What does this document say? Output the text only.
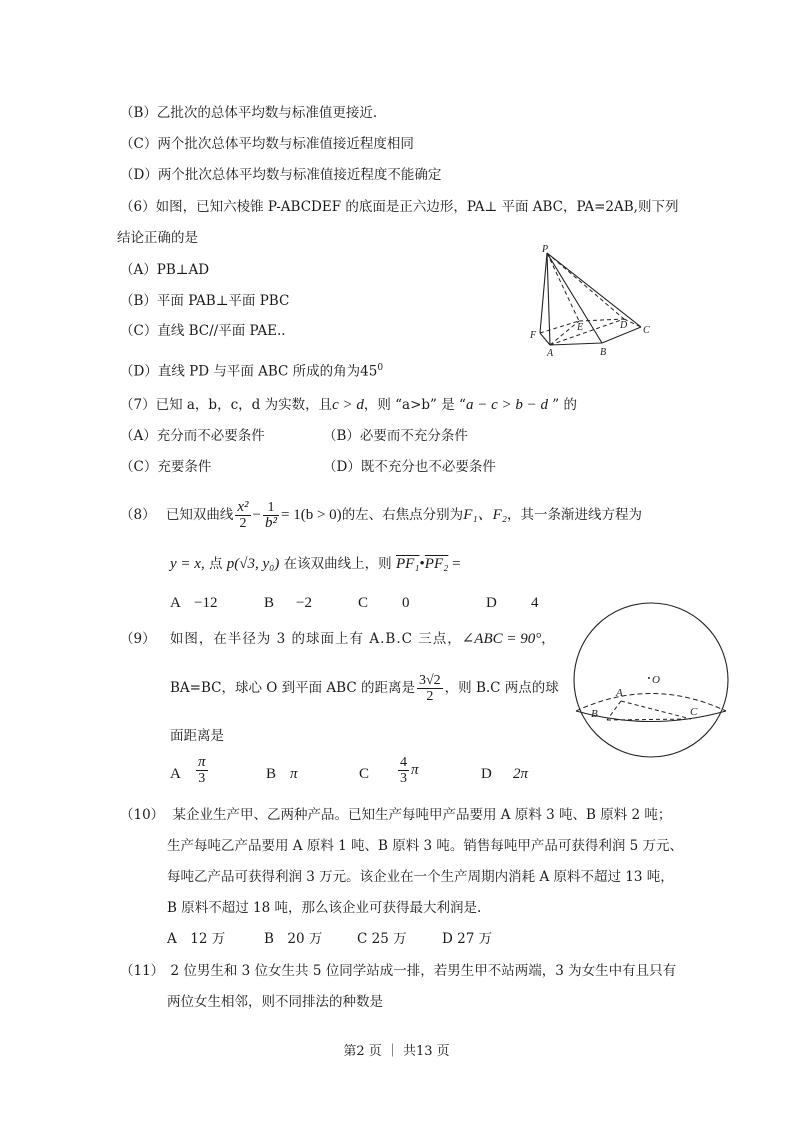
（B）乙批次的总体平均数与标准值更接近.
（C）两个批次总体平均数与标准值接近程度相同
（D）两个批次总体平均数与标准值接近程度不能确定
（6）如图，已知六棱锥 P-ABCDEF 的底面是正六边形，PA⊥ 平面 ABC，PA=2AB,则下列
结论正确的是
（A）PB⊥AD
（B）平面 PAB⊥平面 PBC
（C）直线 BC//平面 PAE..
（D）直线 PD 与平面 ABC 所成的角为$45^0$
P
F
A	B
C
D
E
（7）已知 a，b，c，d 为实数，且c > d，则 “a>b” 是 “a − c > b − d ” 的
（A）充分而不必要条件	（B）必要而不充分条件
（C）充要条件	（D）既不充分也不必要条件
（8） 已知双曲线 $\frac{\text{x²}}{2} - \frac{1}{\text{b²}} = 1(b > 0)$的左、右焦点分别为F₁、F₂，其一条渐进线方程为
y = x, 点 p(√3, y₀) 在该双曲线上，则 PF₁•PF₂ =
A −12	B −2	C 0	D 4
（9） 如图，在半径为 3 的球面上有 A.B.C 三点，∠ABC = 90°，
BA=BC，球心 O 到平面 ABC 的距离是 $\frac{3√2}{2}$ ，则 B.C 两点的球
面距离是
A $\frac{\pi}{3}$	B π	C $\frac{4}{3}$ π	D 2π
A
B	C
O
（10） 某企业生产甲、乙两种产品。已知生产每吨甲产品要用 A 原料 3 吨、B 原料 2 吨；
生产每吨乙产品要用 A 原料 1 吨、B 原料 3 吨。销售每吨甲产品可获得利润 5 万元、
每吨乙产品可获得利润 3 万元。该企业在一个生产周期内消耗 A 原料不超过 13 吨，
B 原料不超过 18 吨，那么该企业可获得最大利润是.
A　12 万	B　20 万	C 25 万	D 27 万
（11） 2 位男生和 3 位女生共 5 位同学站成一排，若男生甲不站两端，3 为女生中有且只有
两位女生相邻，则不同排法的种数是
第2 页 ｜ 共13 页
